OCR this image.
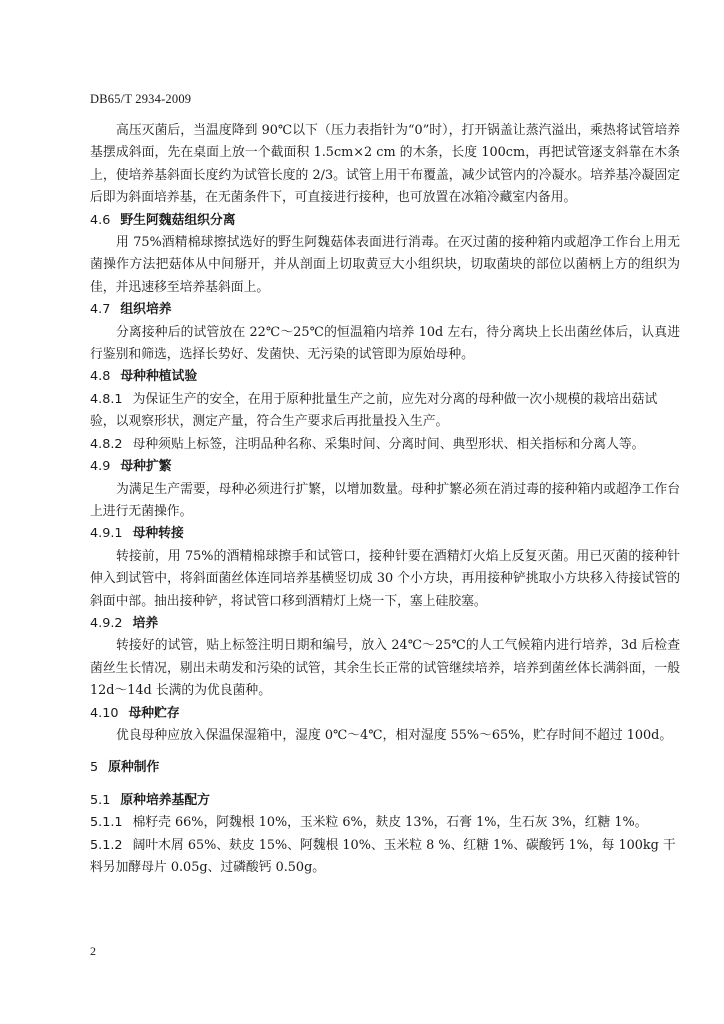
DB65/T 2934-2009

高压灭菌后，当温度降到 90℃以下（压力表指针为“0”时），打开锅盖让蒸汽溢出，乘热将试管培养基摆成斜面，先在桌面上放一个截面积 1.5cm×2 cm 的木条，长度 100cm，再把试管逐支斜靠在木条上，使培养基斜面长度约为试管长度的 2/3。试管上用干布覆盖，减少试管内的冷凝水。培养基冷凝固定后即为斜面培养基，在无菌条件下，可直接进行接种，也可放置在冰箱冷藏室内备用。

4.6 野生阿魏菇组织分离

用 75%酒精棉球擦拭选好的野生阿魏菇体表面进行消毒。在灭过菌的接种箱内或超净工作台上用无菌操作方法把菇体从中间掰开，并从剖面上切取黄豆大小组织块，切取菌块的部位以菌柄上方的组织为佳，并迅速移至培养基斜面上。

4.7 组织培养

分离接种后的试管放在 22℃～25℃的恒温箱内培养 10d 左右，待分离块上长出菌丝体后，认真进行鉴别和筛选，选择长势好、发菌快、无污染的试管即为原始母种。

4.8 母种种植试验

4.8.1 为保证生产的安全，在用于原种批量生产之前，应先对分离的母种做一次小规模的栽培出菇试验，以观察形状，测定产量，符合生产要求后再批量投入生产。

4.8.2 母种须贴上标签，注明品种名称、采集时间、分离时间、典型形状、相关指标和分离人等。

4.9 母种扩繁

为满足生产需要，母种必须进行扩繁，以增加数量。母种扩繁必须在消过毒的接种箱内或超净工作台上进行无菌操作。

4.9.1 母种转接

转接前，用 75%的酒精棉球擦手和试管口，接种针要在酒精灯火焰上反复灭菌。用已灭菌的接种针伸入到试管中，将斜面菌丝体连同培养基横竖切成 30 个小方块，再用接种铲挑取小方块移入待接试管的斜面中部。抽出接种铲，将试管口移到酒精灯上烧一下，塞上硅胶塞。

4.9.2 培养

转接好的试管，贴上标签注明日期和编号，放入 24℃～25℃的人工气候箱内进行培养，3d 后检查菌丝生长情况，剔出未萌发和污染的试管，其余生长正常的试管继续培养，培养到菌丝体长满斜面，一般 12d～14d 长满的为优良菌种。

4.10 母种贮存

优良母种应放入保温保湿箱中，湿度 0℃～4℃，相对湿度 55%～65%，贮存时间不超过 100d。

5 原种制作
5.1 原种培养基配方

5.1.1 棉籽壳 66%，阿魏根 10%，玉米粒 6%，麸皮 13%，石膏 1%，生石灰 3%，红糖 1%。

5.1.2 阔叶木屑 65%、麸皮 15%、阿魏根 10%、玉米粒 8 %、红糖 1%、碳酸钙 1%，每 100kg 干料另加酵母片 0.05g、过磷酸钙 0.50g。

2
